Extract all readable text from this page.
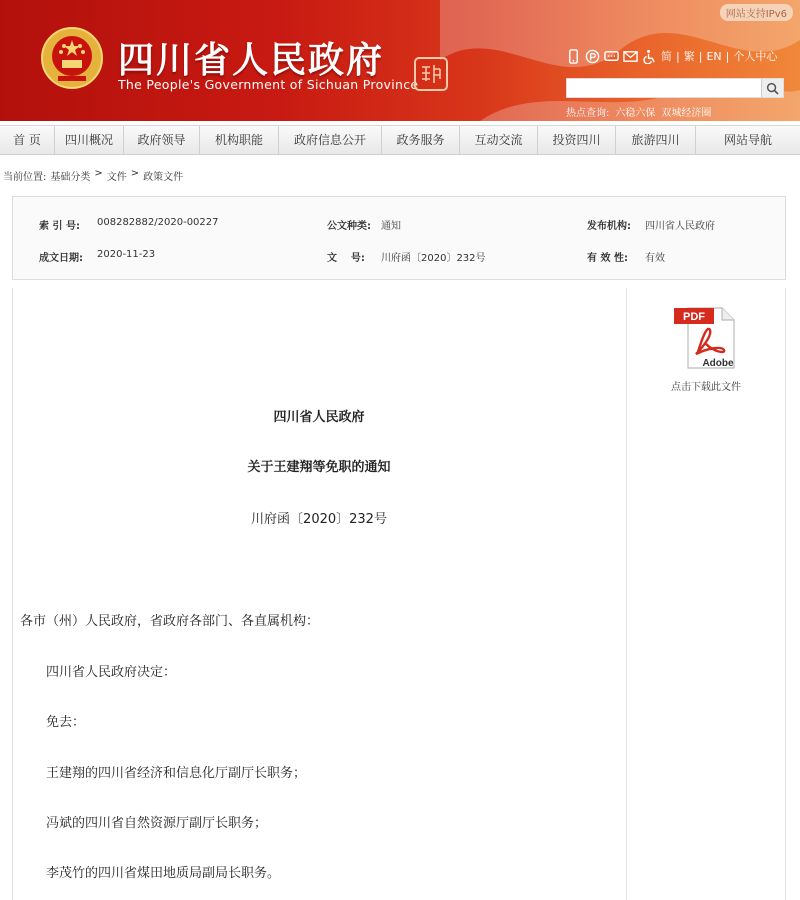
四川省人民政府
The People's Government of Sichuan Province
网站支持IPv6
简 | 繁 | EN | 个人中心
热点查询: 六稳六保 双城经济圈
首 页	四川概况	政府领导	机构职能	政府信息公开	政务服务	互动交流	投资四川	旅游四川	网站导航
当前位置: 基础分类 > 文件 > 政策文件
索 引 号: 008282882/2020-00227	公文种类: 通知	发布机构: 四川省人民政府
成文日期: 2020-11-23	文    号: 川府函〔2020〕232号	有 效 性: 有效
PDF
Adobe
点击下载此文件
四川省人民政府
关于王建翔等免职的通知
川府函〔2020〕232号
各市（州）人民政府，省政府各部门、各直属机构：
四川省人民政府决定：
免去：
王建翔的四川省经济和信息化厅副厅长职务；
冯斌的四川省自然资源厅副厅长职务；
李茂竹的四川省煤田地质局副局长职务。
